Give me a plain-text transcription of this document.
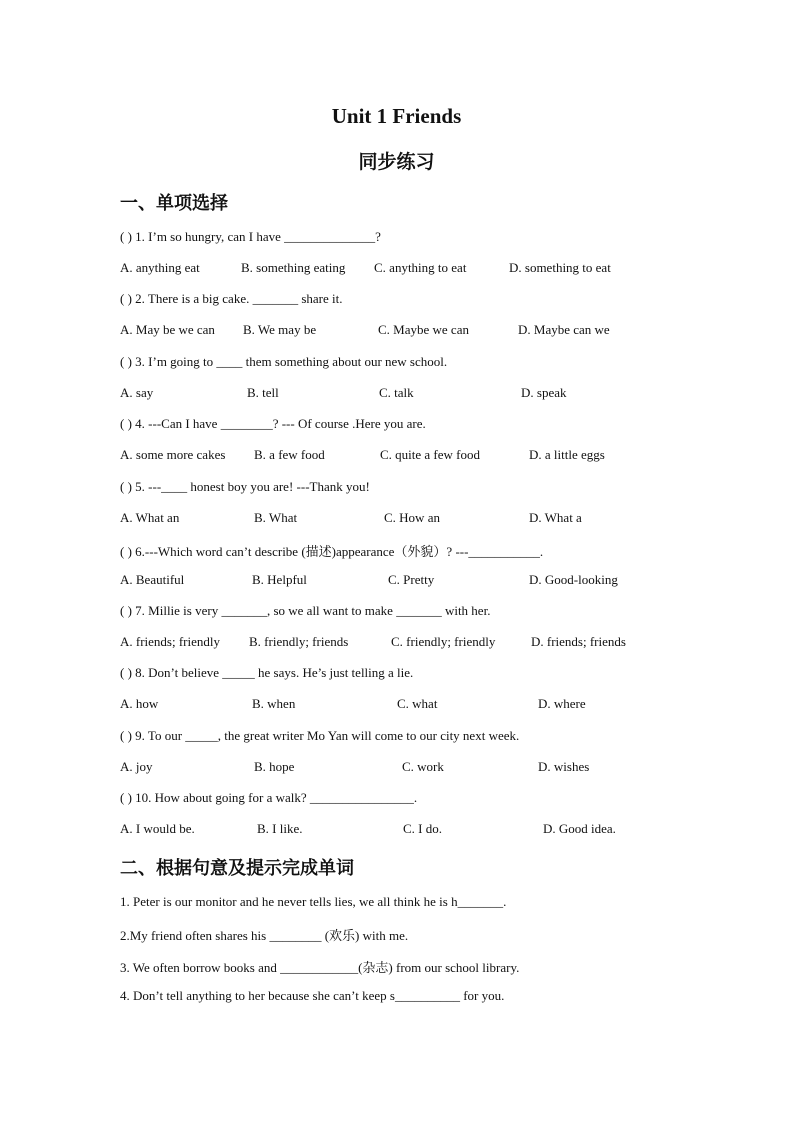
Unit 1 Friends
同步练习
一、单项选择
( ) 1. I’m so hungry, can I have ______________?
A. anything eat	B. something eating C. anything to eat	D. something to eat
( ) 2. There is a big cake. _______ share it.
A. May be we can B. We may be	C. Maybe we can	D. Maybe can we
( ) 3. I’m going to ____ them something about our new school.
A. say	B. tell	C. talk	D. speak
( ) 4. ---Can I have ________? --- Of course .Here you are.
A. some more cakes B. a few food	C. quite a few food	D. a little eggs
( ) 5. ---____ honest boy you are! ---Thank you!
A. What an	B. What	C. How an	D. What a
( ) 6.---Which word can’t describe (描述)appearance（外貌）? ---___________.
A. Beautiful	B. Helpful	C. Pretty	D. Good-looking
( ) 7. Millie is very _______, so we all want to make _______ with her.
A. friends; friendly B. friendly; friends	C. friendly; friendly	D. friends; friends
( ) 8. Don’t believe _____ he says. He’s just telling a lie.
A. how	B. when	C. what	D. where
( ) 9. To our _____, the great writer Mo Yan will come to our city next week.
A. joy	B. hope	C. work	D. wishes
( ) 10. How about going for a walk? ________________.
A. I would be.	B. I like.	C. I do.	D. Good idea.
二、根据句意及提示完成单词
1. Peter is our monitor and he never tells lies, we all think he is h_______.
2.My friend often shares his ________ (欢乐) with me.
3. We often borrow books and ____________(杂志) from our school library.
4. Don’t tell anything to her because she can’t keep s__________ for you.
